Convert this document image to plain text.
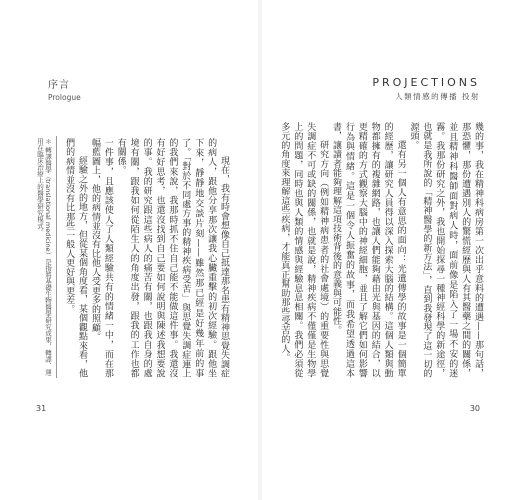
序言
Prologue

現在，我有時會想像自己抵達那名患有精神思覺失調症的病人，跟他分享那次讓我心臟重擊的初次經驗。跟他坐下來，靜靜地交談片刻——雖然那已經是好幾年前的事了。「對於不同處方事的精神疾病受苦」與思覺失調症連上的我們來說，我那時抓不住自己能不能做這件事。我還沒有好好思考，也還沒找到自己要如何說明與陳述我想要說的事。我的研究跟這些病人的痛苦有關，也跟我自身的處境有關，跟我如何從陌生人的角度出發，跟我的工作也都有關係。

一件事，且應該使人了人類經驗共有的情緒一中，而在那幅藍圖上，他的病情並沒有比他人受更多的照顧。

經驗之外的地方，但從某個角度看，某個觀點來看，他們的病情並沒有比那些一般人更好與更差。

＊ 轉譯醫學（translational medicine）是指將基礎生物醫學研究成果，轉譯、運用在臨床治療上的醫學研究模式。
31
PROJECTIONS
人類情感的傳播 投射

幾的事，我在精神科病房第一次出乎意料的遭遇——那句話，那恐懼，那份遭遇別人的驚慌經歷與人有其醫藥之間的關係，並且精神科醫師面對病人時，面前像是陷入了一場不安的迷霧。我那份研究之外，我也開始探尋一種神經科學的新途徑，也就是我所說的「精神醫學的新方法」，直到我發現了這一切的源頭。

還有另一個人有意思的面向：光遺傳學的故事是一個簡單的經歷，讓研究人員得以深入探索大腦的結構。這個人類與動物都擁有的複雜網路，也讓人們能夠藉由光與基因的結合，以更精確的方式觀察大腦中的神經細胞，並且了解它們如何影響行為與情緒。這是一個令人振奮的故事，而我希望透過這本書，讓讀者能夠理解這項技術背後的意義與可能性。

研究方向（例如精神病患者的社會處境）的重要性與思覺失調症不可或缺的關係，也就是說，精神疾病不僅僅是生物學上的問題，同時也與人類的情感與經驗息息相關。我們必須從多元的角度來理解這些疾病，才能真正幫助那些受苦的人。

30
